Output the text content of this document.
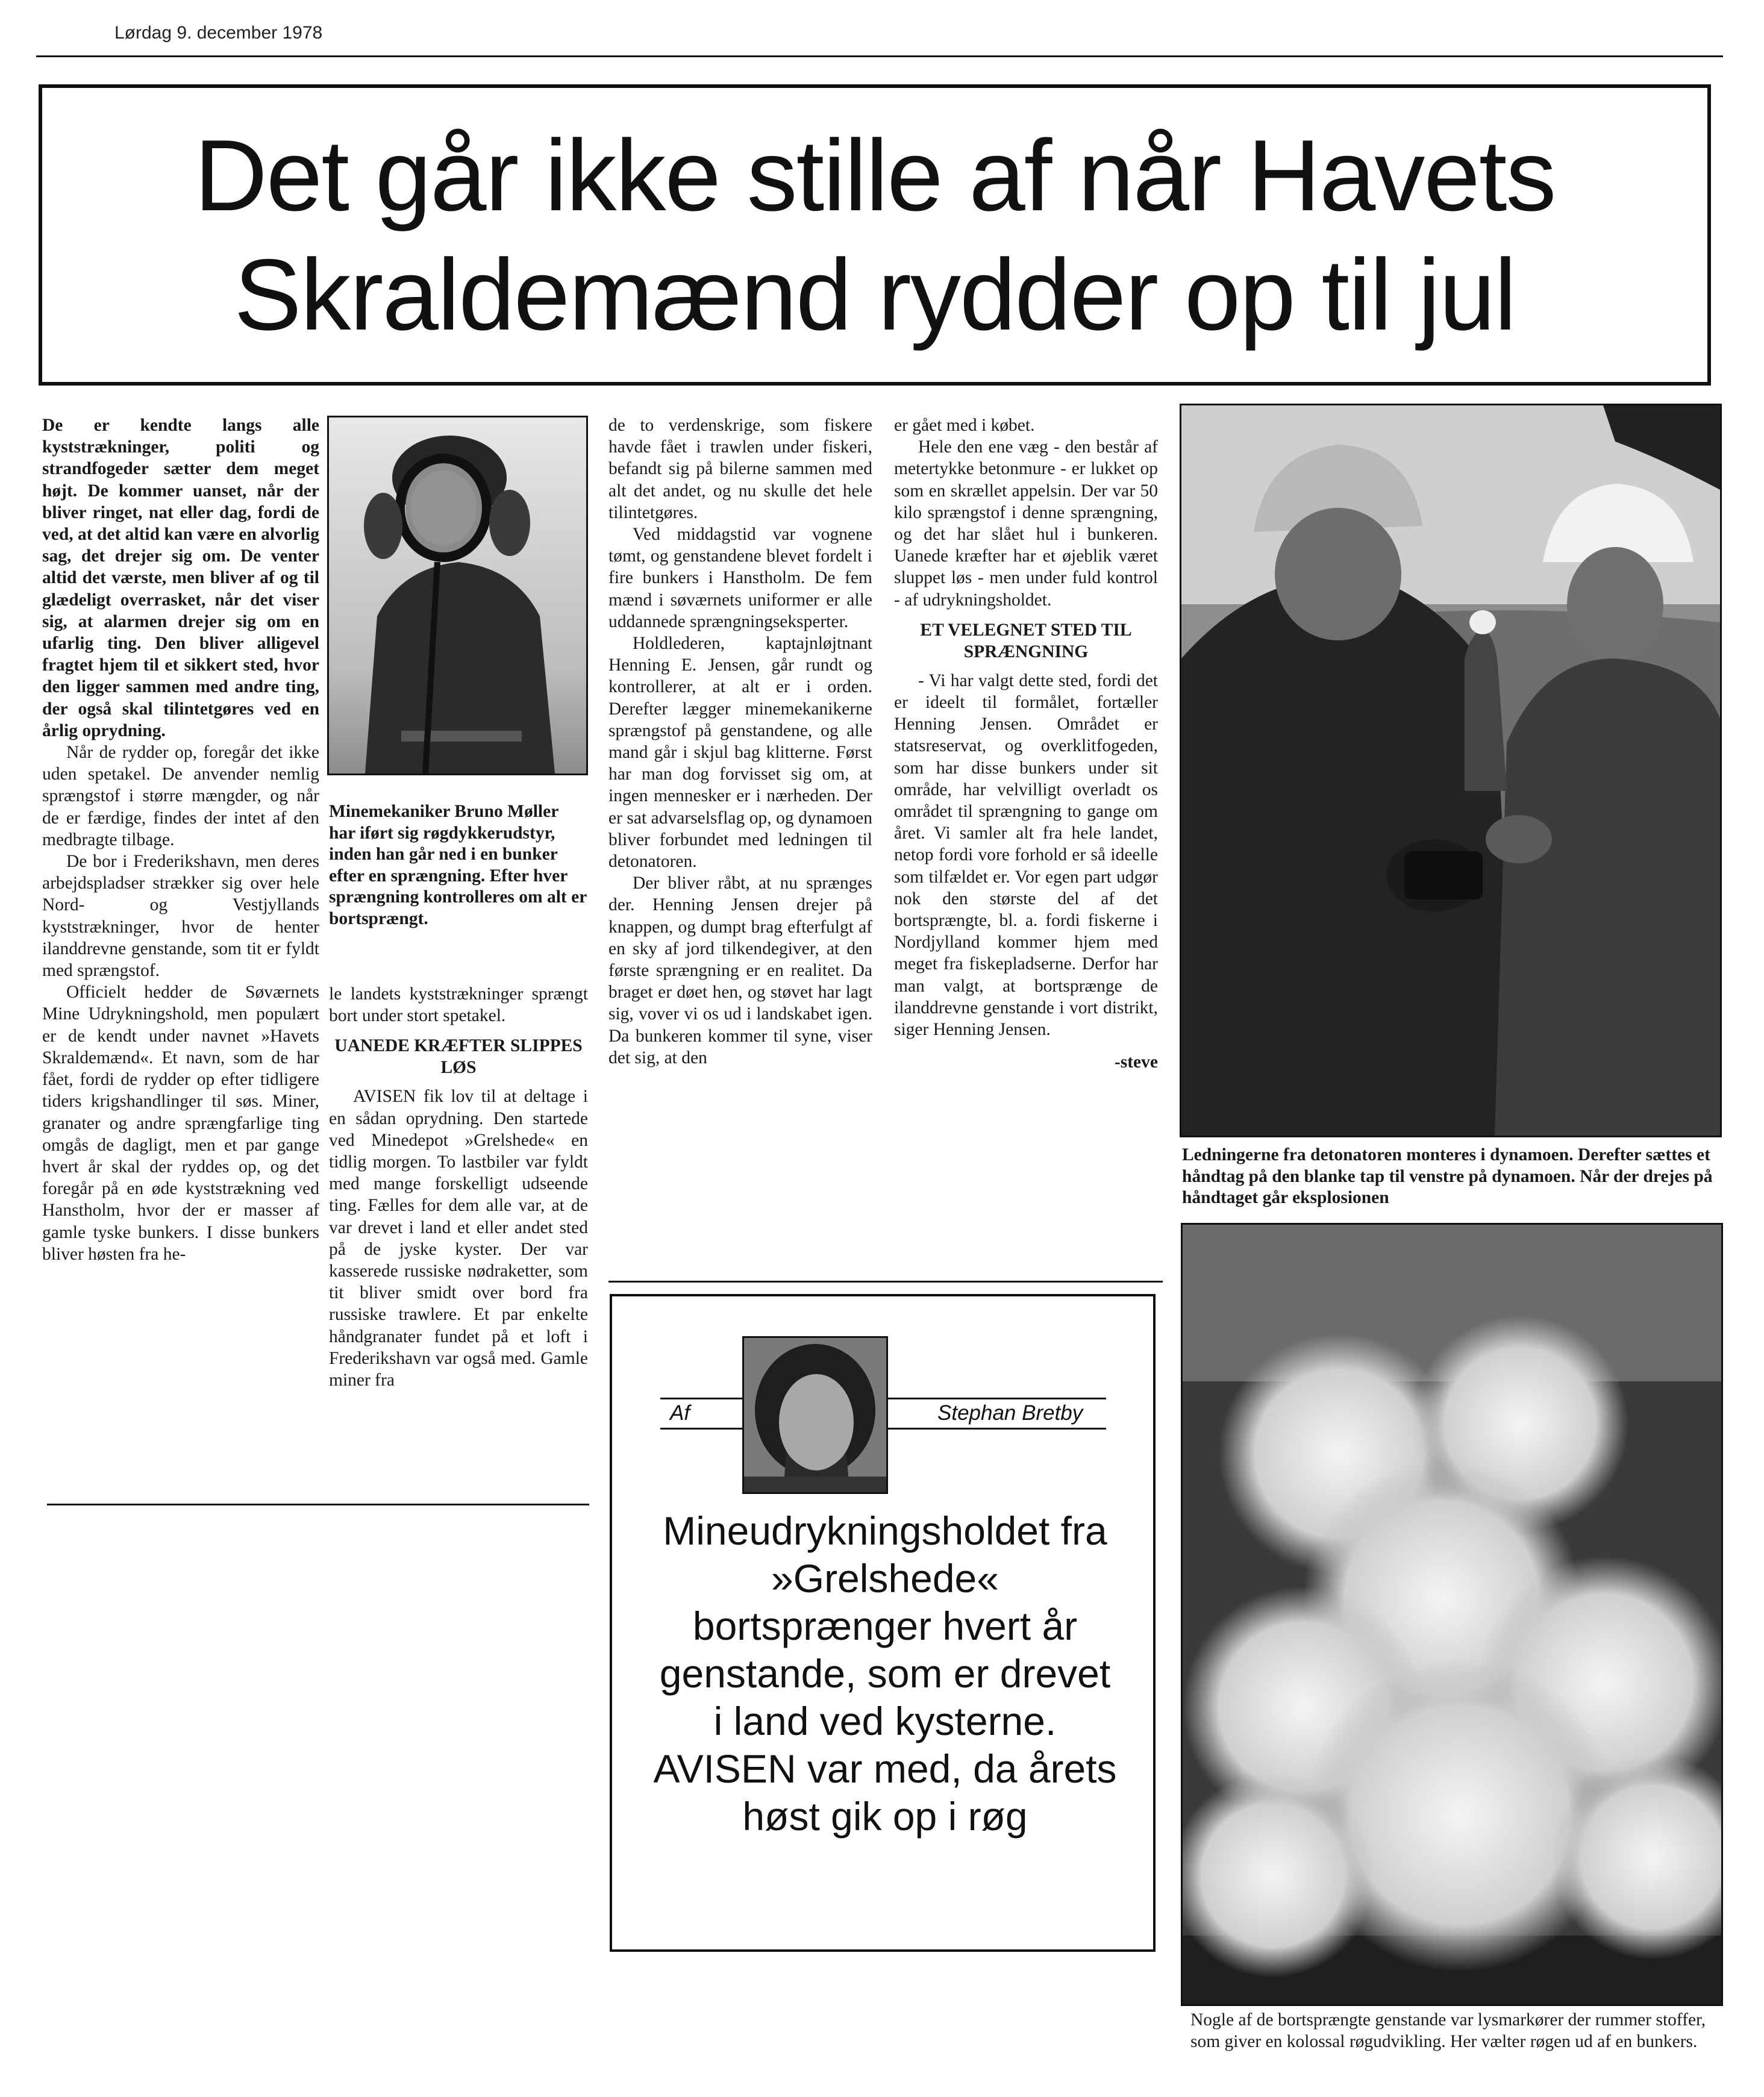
Lørdag 9. december 1978
Det går ikke stille af når Havets
Skraldemænd rydder op til jul

De er kendte langs alle kyststrækninger, politi og strandfogeder sætter dem meget højt. De kommer uanset, når der bliver ringet, nat eller dag, fordi de ved, at det altid kan være en alvorlig sag, det drejer sig om. De venter altid det værste, men bliver af og til glædeligt overrasket, når det viser sig, at alarmen drejer sig om en ufarlig ting. Den bliver alligevel fragtet hjem til et sikkert sted, hvor den ligger sammen med andre ting, der også skal tilintetgøres ved en årlig oprydning.

Når de rydder op, foregår det ikke uden spetakel. De anvender nemlig sprængstof i større mængder, og når de er færdige, findes der intet af den medbragte tilbage.

De bor i Frederikshavn, men deres arbejdspladser strækker sig over hele Nord- og Vestjyllands kyststrækninger, hvor de henter ilanddrevne genstande, som tit er fyldt med sprængstof.

Officielt hedder de Søværnets Mine Udrykningshold, men populært er de kendt under navnet »Havets Skraldemænd«. Et navn, som de har fået, fordi de rydder op efter tidligere tiders krigshandlinger til søs. Miner, granater og andre sprængfarlige ting omgås de dagligt, men et par gange hvert år skal der ryddes op, og det foregår på en øde kyststrækning ved Hanstholm, hvor der er masser af gamle tyske bunkers. I disse bunkers bliver høsten fra he-

Minemekaniker Bruno Møller har iført sig røgdykkerudstyr, inden han går ned i en bunker efter en sprængning. Efter hver sprængning kontrolleres om alt er bortsprængt.

le landets kyststrækninger sprængt bort under stort spetakel.

UANEDE KRÆFTER SLIPPES LØS

AVISEN fik lov til at deltage i en sådan oprydning. Den startede ved Minedepot »Grelshede« en tidlig morgen. To lastbiler var fyldt med mange forskelligt udseende ting. Fælles for dem alle var, at de var drevet i land et eller andet sted på de jyske kyster. Der var kasserede russiske nødraketter, som tit bliver smidt over bord fra russiske trawlere. Et par enkelte håndgranater fundet på et loft i Frederikshavn var også med. Gamle miner fra

de to verdenskrige, som fiskere havde fået i trawlen under fiskeri, befandt sig på bilerne sammen med alt det andet, og nu skulle det hele tilintetgøres.

Ved middagstid var vognene tømt, og genstandene blevet fordelt i fire bunkers i Hanstholm. De fem mænd i søværnets uniformer er alle uddannede sprængningseksperter.

Holdlederen, kaptajnløjtnant Henning E. Jensen, går rundt og kontrollerer, at alt er i orden. Derefter lægger minemekanikerne sprængstof på genstandene, og alle mand går i skjul bag klitterne. Først har man dog forvisset sig om, at ingen mennesker er i nærheden. Der er sat advarselsflag op, og dynamoen bliver forbundet med ledningen til detonatoren.

Der bliver råbt, at nu sprænges der. Henning Jensen drejer på knappen, og dumpt brag efterfulgt af en sky af jord tilkendegiver, at den første sprængning er en realitet. Da braget er døet hen, og støvet har lagt sig, vover vi os ud i landskabet igen. Da bunkeren kommer til syne, viser det sig, at den

er gået med i købet.

Hele den ene væg - den består af metertykke betonmure - er lukket op som en skrællet appelsin. Der var 50 kilo sprængstof i denne sprængning, og det har slået hul i bunkeren. Uanede kræfter har et øjeblik været sluppet løs - men under fuld kontrol - af udrykningsholdet.

ET VELEGNET STED TIL SPRÆNGNING

- Vi har valgt dette sted, fordi det er ideelt til formålet, fortæller Henning Jensen. Området er statsreservat, og overklitfogeden, som har disse bunkers under sit område, har velvilligt overladt os området til sprængning to gange om året. Vi samler alt fra hele landet, netop fordi vore forhold er så ideelle som tilfældet er. Vor egen part udgør nok den største del af det bortsprængte, bl. a. fordi fiskerne i Nordjylland kommer hjem med meget fra fiskepladserne. Derfor har man valgt, at bortsprænge de ilanddrevne genstande i vort distrikt, siger Henning Jensen.

-steve
Ledningerne fra detonatoren monteres i dynamoen. Derefter sættes et håndtag på den blanke tap til venstre på dynamoen. Når der drejes på håndtaget går eksplosionen
Nogle af de bortsprængte genstande var lysmarkører der rummer stoffer, som giver en kolossal røgudvikling. Her vælter røgen ud af en bunkers.
Af	Stephan Bretby
Mineudrykningsholdet fra
»Grelshede«
bortsprænger hvert år
genstande, som er drevet
i land ved kysterne.
AVISEN var med, da årets
høst gik op i røg
